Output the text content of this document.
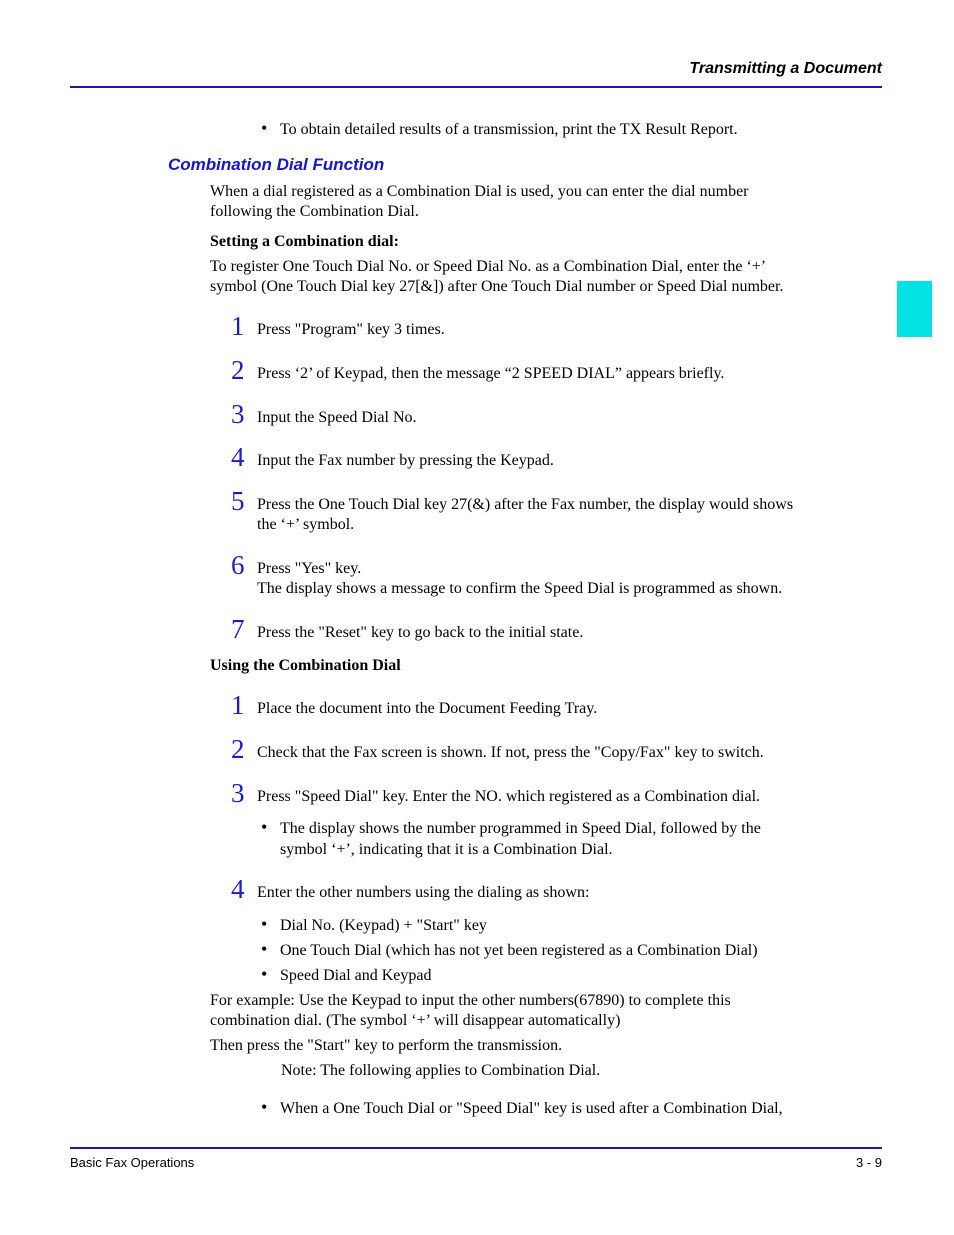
Transmitting a Document
• To obtain detailed results of a transmission, print the TX Result Report.
Combination Dial Function
When a dial registered as a Combination Dial is used, you can enter the dial number
following the Combination Dial.
Setting a Combination dial:
To register One Touch Dial No. or Speed Dial No. as a Combination Dial, enter the ‘+’
symbol (One Touch Dial key 27[&]) after One Touch Dial number or Speed Dial number.
1 Press "Program" key 3 times.
2 Press ‘2’ of Keypad, then the message “2 SPEED DIAL” appears briefly.
3 Input the Speed Dial No.
4 Input the Fax number by pressing the Keypad.
5 Press the One Touch Dial key 27(&) after the Fax number, the display would shows
the ‘+’ symbol.
6 Press "Yes" key.
The display shows a message to confirm the Speed Dial is programmed as shown.
7 Press the "Reset" key to go back to the initial state.
Using the Combination Dial
1 Place the document into the Document Feeding Tray.
2 Check that the Fax screen is shown. If not, press the "Copy/Fax" key to switch.
3 Press "Speed Dial" key. Enter the NO. which registered as a Combination dial.
• The display shows the number programmed in Speed Dial, followed by the
symbol ‘+’, indicating that it is a Combination Dial.
4 Enter the other numbers using the dialing as shown:
• Dial No. (Keypad) + "Start" key
• One Touch Dial (which has not yet been registered as a Combination Dial)
• Speed Dial and Keypad
For example: Use the Keypad to input the other numbers(67890) to complete this
combination dial. (The symbol ‘+’ will disappear automatically)
Then press the "Start" key to perform the transmission.
Note: The following applies to Combination Dial.
• When a One Touch Dial or "Speed Dial" key is used after a Combination Dial,
Basic Fax Operations	3 - 9
